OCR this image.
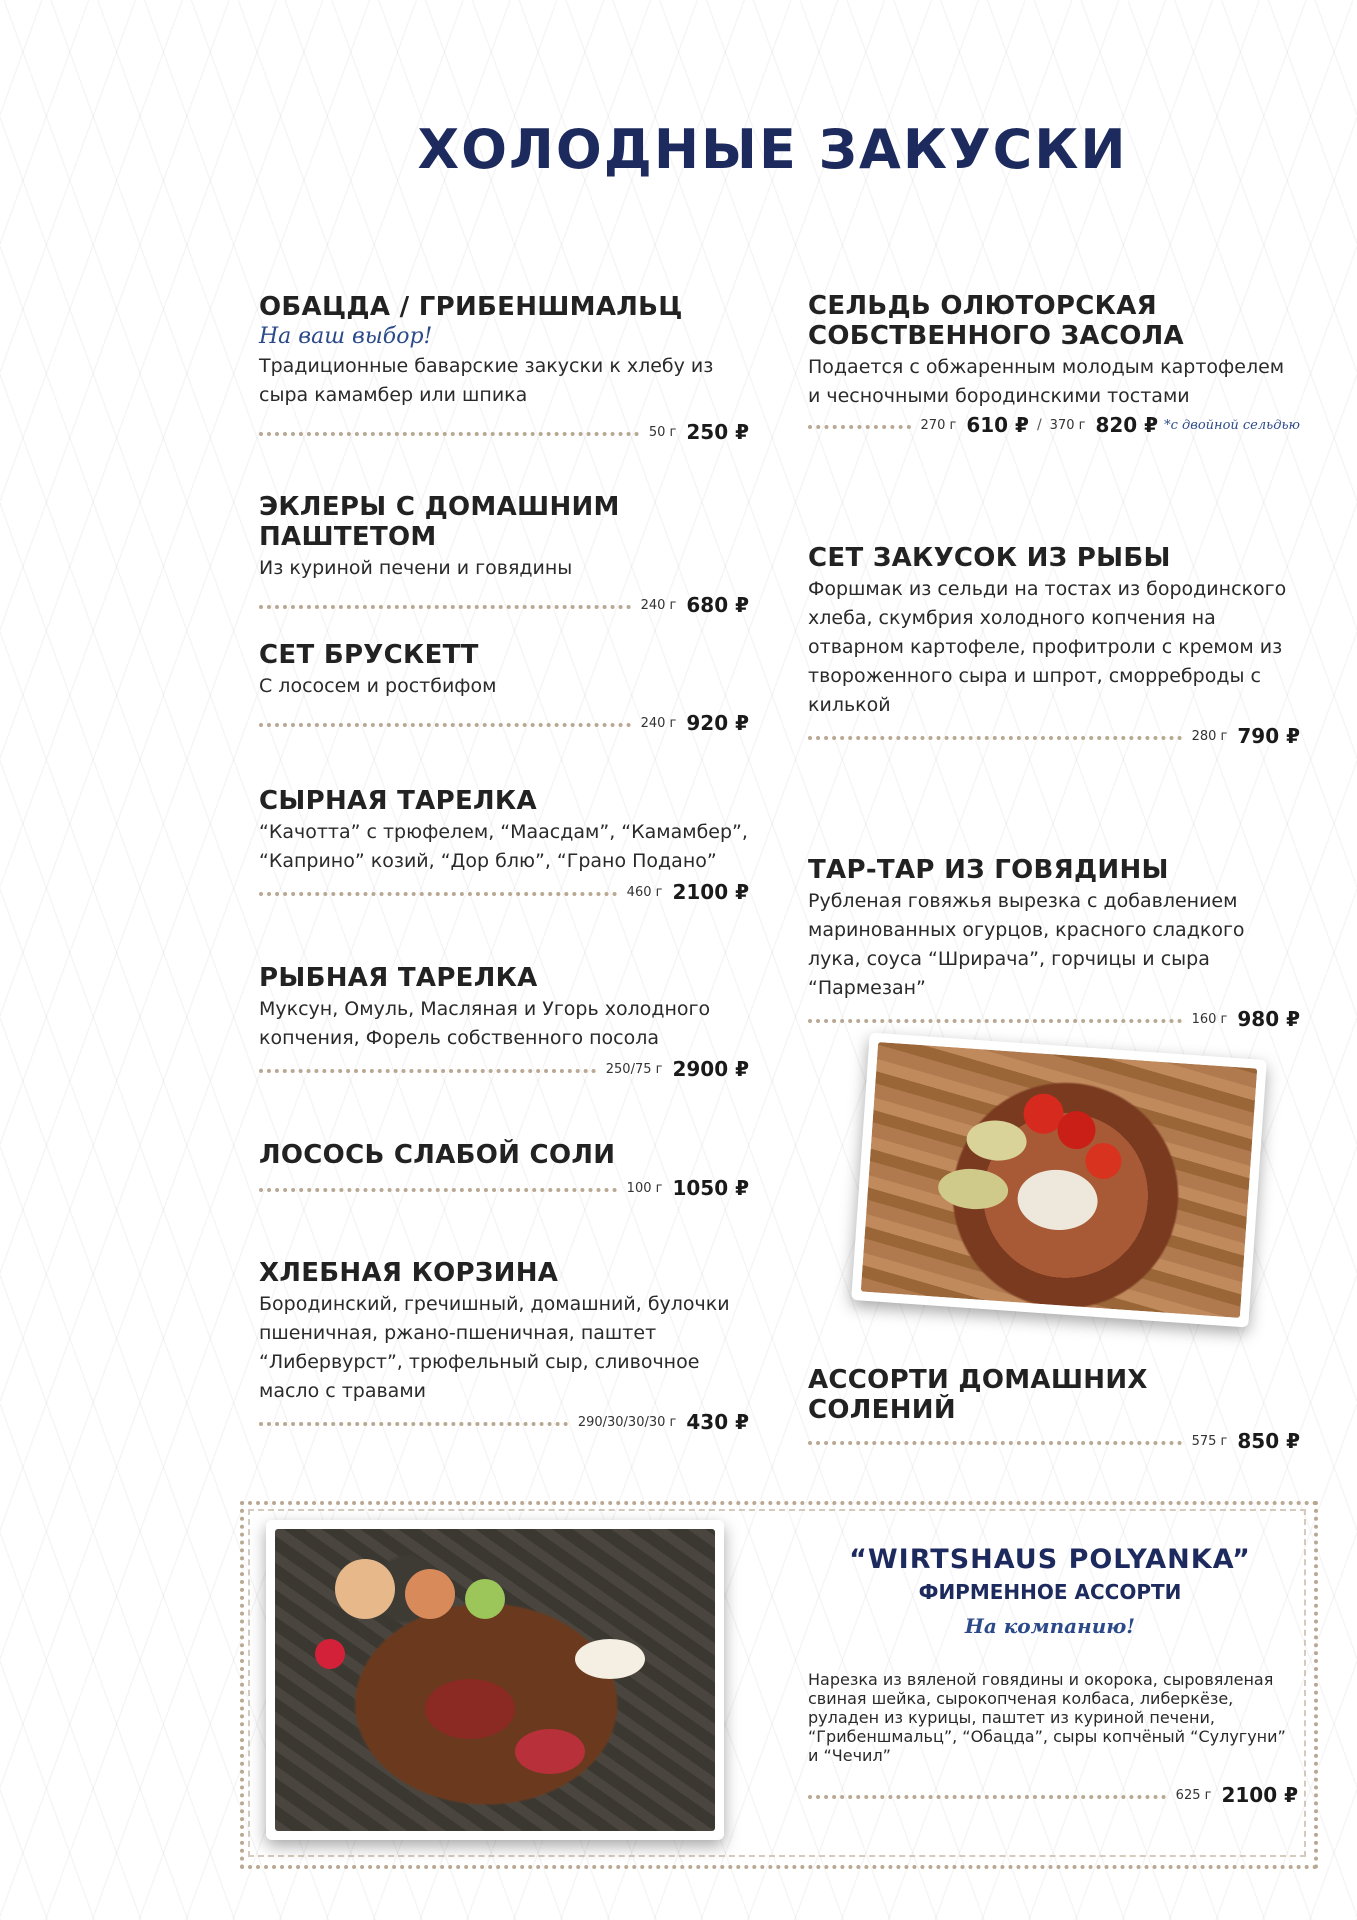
ХОЛОДНЫЕ ЗАКУСКИ
ОБАЦДА / ГРИБЕНШМАЛЬЦ
На ваш выбор!

Традиционные баварские закуски к хлебу из сыра камамбер или шпика

50 г 250 ₽
ЭКЛЕРЫ С ДОМАШНИМ ПАШТЕТОМ

Из куриной печени и говядины

240 г 680 ₽
СЕТ БРУСКЕТТ

С лососем и ростбифом

240 г 920 ₽
СЫРНАЯ ТАРЕЛКА

“Качотта” с трюфелем, “Маасдам”, “Камамбер”, “Каприно” козий, “Дор блю”, “Грано Подано”

460 г 2100 ₽
РЫБНАЯ ТАРЕЛКА

Муксун, Омуль, Масляная и Угорь холодного копчения, Форель собственного посола

250/75 г 2900 ₽
ЛОСОСЬ СЛАБОЙ СОЛИ
100 г 1050 ₽
ХЛЕБНАЯ КОРЗИНА

Бородинский, гречишный, домашний, булочки пшеничная, ржано-пшеничная, паштет “Либервурст”, трюфельный сыр, сливочное масло с травами

290/30/30/30 г 430 ₽
СЕЛЬДЬ ОЛЮТОРСКАЯ СОБСТВЕННОГО ЗАСОЛА

Подается с обжаренным молодым картофелем и чесночными бородинскими тостами

270 г 610 ₽ / 370 г 820 ₽ *с двойной сельдью
СЕТ ЗАКУСОК ИЗ РЫБЫ

Форшмак из сельди на тостах из бородинского хлеба, скумбрия холодного копчения на отварном картофеле, профитроли с кремом из твороженного сыра и шпрот, сморреброды с килькой

280 г 790 ₽
ТАР-ТАР ИЗ ГОВЯДИНЫ

Рубленая говяжья вырезка с добавлением маринованных огурцов, красного сладкого лука, соуса “Шрирача”, горчицы и сыра “Пармезан”

160 г 980 ₽
АССОРТИ ДОМАШНИХ СОЛЕНИЙ
575 г 850 ₽
“WIRTSHAUS POLYANKA”
ФИРМЕННОЕ АССОРТИ
На компанию!

Нарезка из вяленой говядины и окорока, сыровяленая свиная шейка, сырокопченая колбаса, либеркёзе, руладен из курицы, паштет из куриной печени, “Грибеншмальц”, “Обацда”, сыры копчёный “Сулугуни” и “Чечил”

625 г 2100 ₽
